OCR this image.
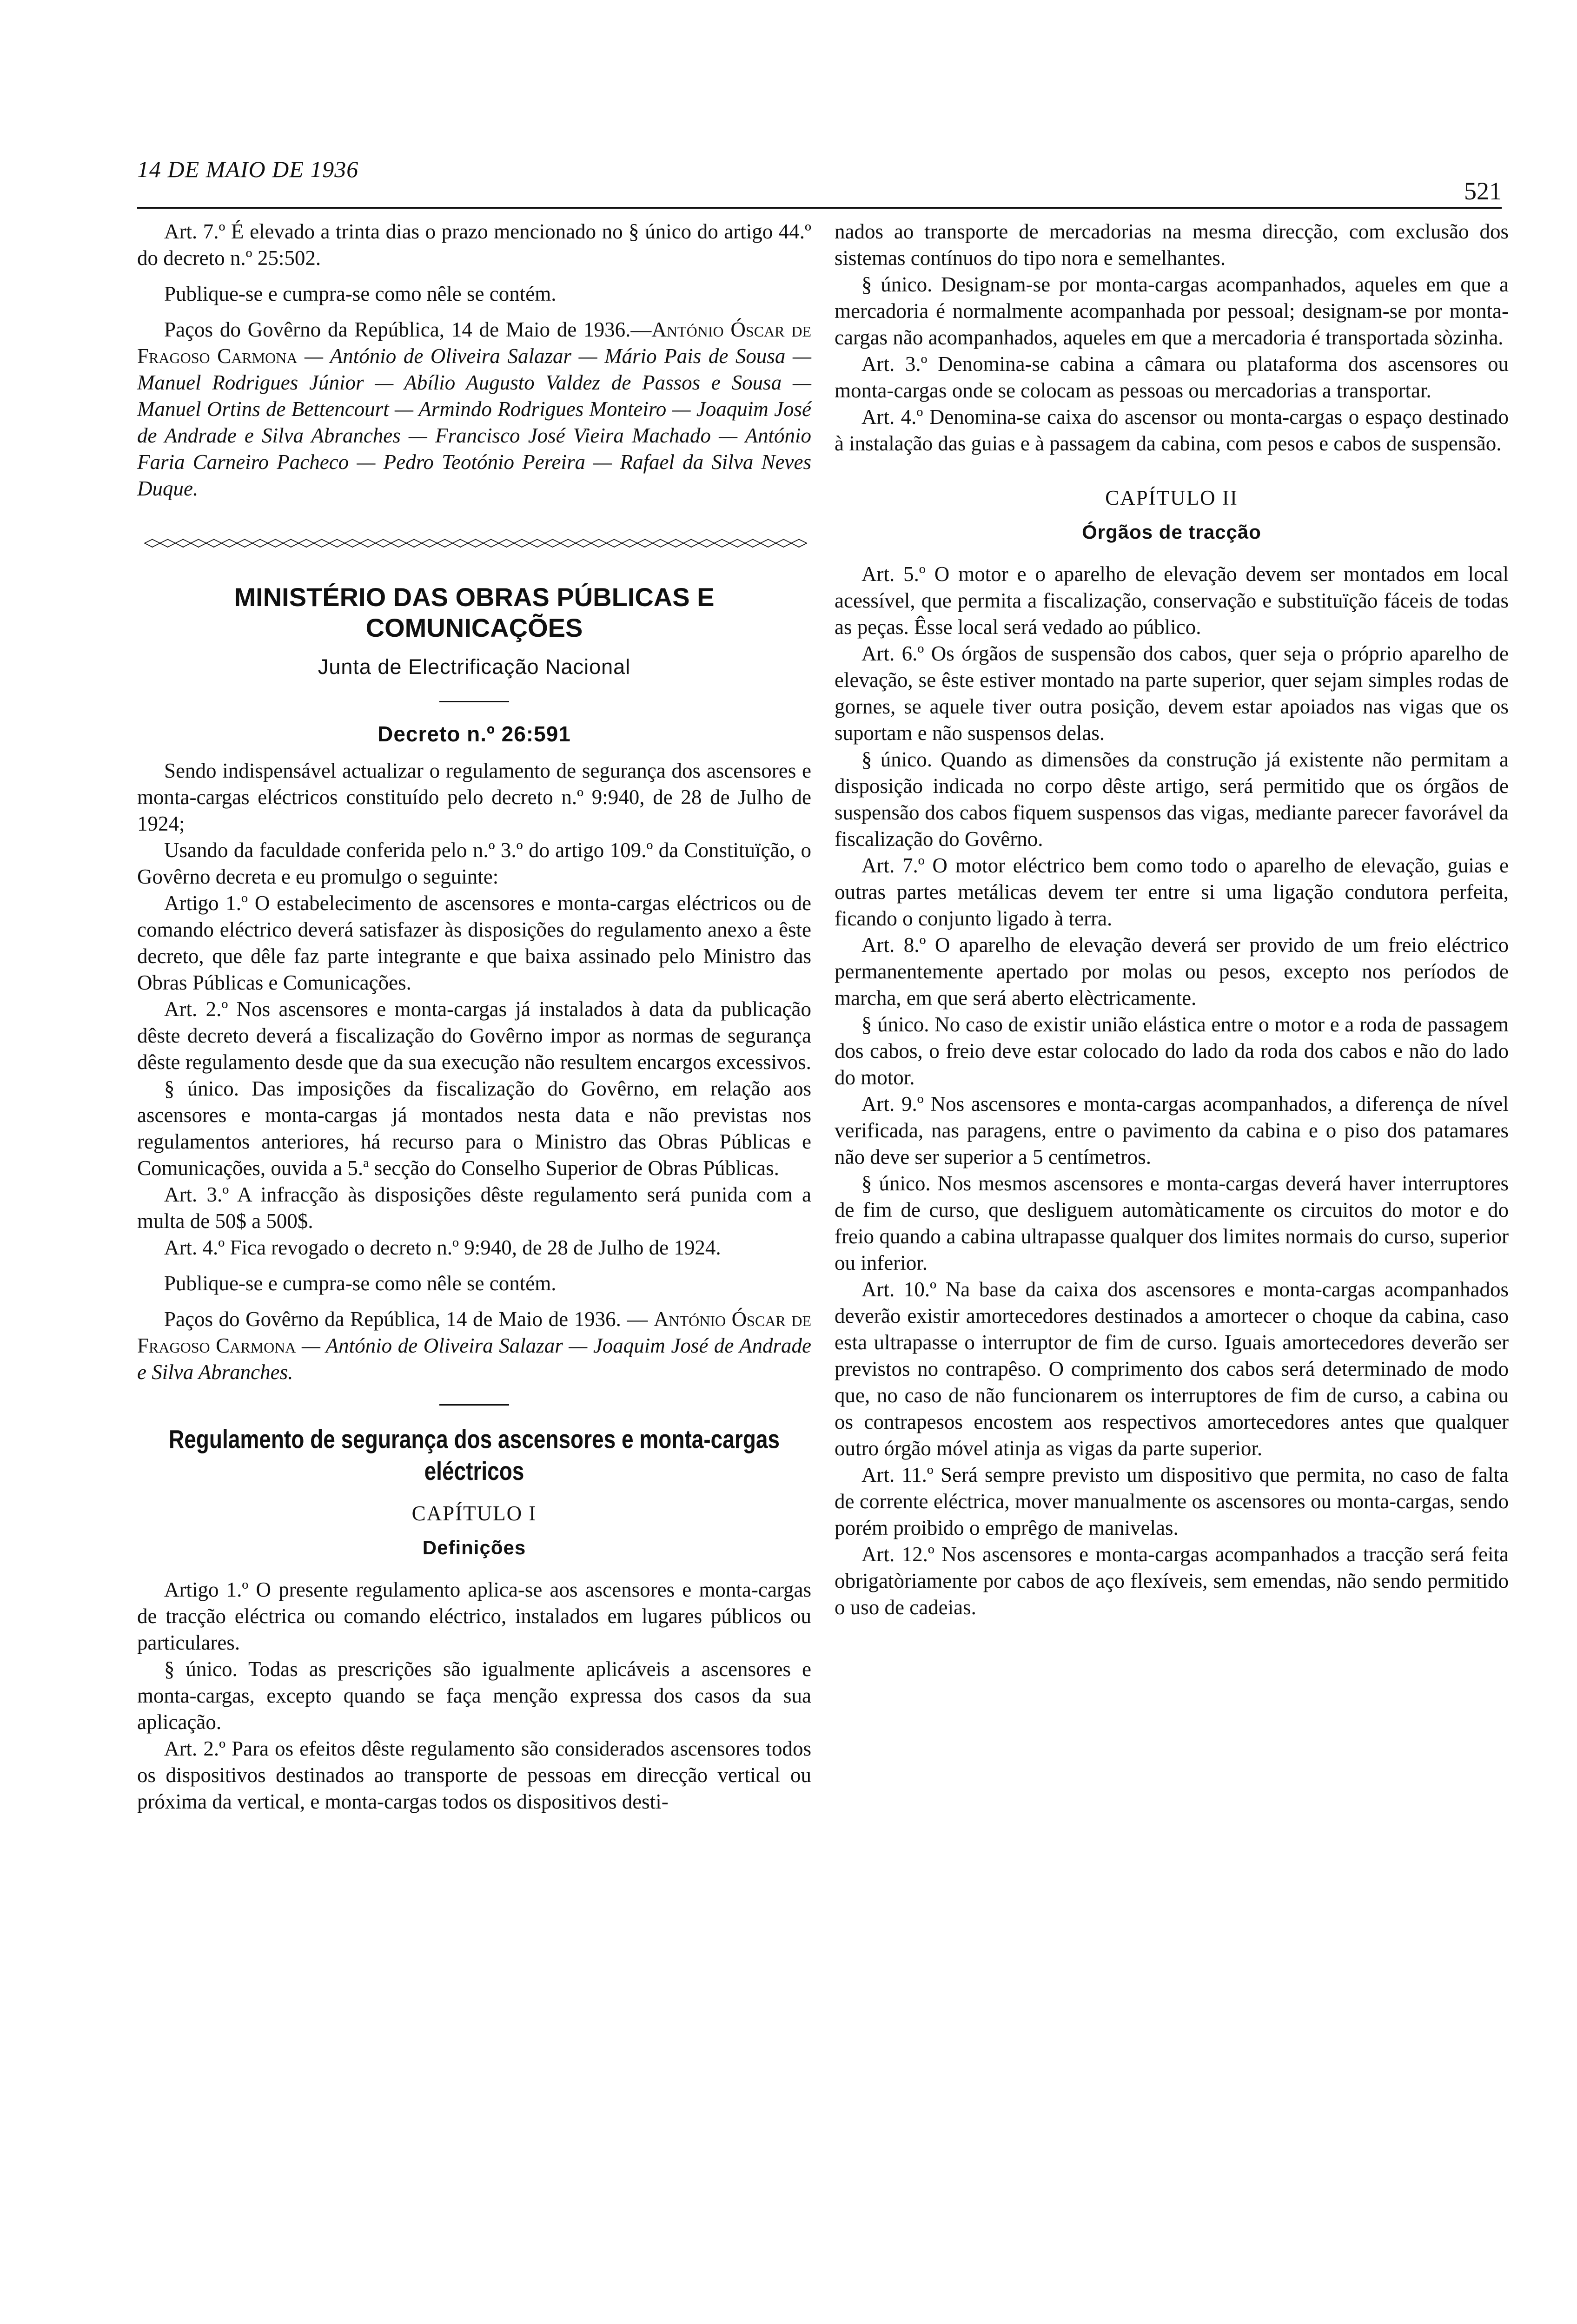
14 DE MAIO DE 1936
521

Art. 7.º É elevado a trinta dias o prazo mencionado no § único do artigo 44.º do decreto n.º 25:502.

Publique-se e cumpra-se como nêle se contém.

Paços do Govêrno da República, 14 de Maio de 1936.—António Óscar de Fragoso Carmona — António de Oliveira Salazar — Mário Pais de Sousa — Manuel Rodrigues Júnior — Abílio Augusto Valdez de Passos e Sousa — Manuel Ortins de Bettencourt — Armindo Rodrigues Monteiro — Joaquim José de Andrade e Silva Abranches — Francisco José Vieira Machado — António Faria Carneiro Pacheco — Pedro Teotónio Pereira — Rafael da Silva Neves Duque.

<><><><><><><><><><><><><><><><><><><><><><><><><><><><><><><><><><><><><><><><><><><>
MINISTÉRIO DAS OBRAS PÚBLICAS E COMUNICAÇÕES
Junta de Electrificação Nacional
Decreto n.º 26:591

Sendo indispensável actualizar o regulamento de segurança dos ascensores e monta-cargas eléctricos constituído pelo decreto n.º 9:940, de 28 de Julho de 1924;

Usando da faculdade conferida pelo n.º 3.º do artigo 109.º da Constituïção, o Govêrno decreta e eu promulgo o seguinte:

Artigo 1.º O estabelecimento de ascensores e monta-cargas eléctricos ou de comando eléctrico deverá satisfazer às disposições do regulamento anexo a êste decreto, que dêle faz parte integrante e que baixa assinado pelo Ministro das Obras Públicas e Comunicações.

Art. 2.º Nos ascensores e monta-cargas já instalados à data da publicação dêste decreto deverá a fiscalização do Govêrno impor as normas de segurança dêste regulamento desde que da sua execução não resultem encargos excessivos.

§ único. Das imposições da fiscalização do Govêrno, em relação aos ascensores e monta-cargas já montados nesta data e não previstas nos regulamentos anteriores, há recurso para o Ministro das Obras Públicas e Comunicações, ouvida a 5.ª secção do Conselho Superior de Obras Públicas.

Art. 3.º A infracção às disposições dêste regulamento será punida com a multa de 50$ a 500$.

Art. 4.º Fica revogado o decreto n.º 9:940, de 28 de Julho de 1924.

Publique-se e cumpra-se como nêle se contém.

Paços do Govêrno da República, 14 de Maio de 1936. — António Óscar de Fragoso Carmona — António de Oliveira Salazar — Joaquim José de Andrade e Silva Abranches.

Regulamento de segurança dos ascensores e monta-cargas eléctricos
CAPÍTULO I
Definições

Artigo 1.º O presente regulamento aplica-se aos ascensores e monta-cargas de tracção eléctrica ou comando eléctrico, instalados em lugares públicos ou particulares.

§ único. Todas as prescrições são igualmente aplicáveis a ascensores e monta-cargas, excepto quando se faça menção expressa dos casos da sua aplicação.

Art. 2.º Para os efeitos dêste regulamento são considerados ascensores todos os dispositivos destinados ao transporte de pessoas em direcção vertical ou próxima da vertical, e monta-cargas todos os dispositivos desti-

nados ao transporte de mercadorias na mesma direcção, com exclusão dos sistemas contínuos do tipo nora e semelhantes.

§ único. Designam-se por monta-cargas acompanhados, aqueles em que a mercadoria é normalmente acompanhada por pessoal; designam-se por monta-cargas não acompanhados, aqueles em que a mercadoria é transportada sòzinha.

Art. 3.º Denomina-se cabina a câmara ou plataforma dos ascensores ou monta-cargas onde se colocam as pessoas ou mercadorias a transportar.

Art. 4.º Denomina-se caixa do ascensor ou monta-cargas o espaço destinado à instalação das guias e à passagem da cabina, com pesos e cabos de suspensão.

CAPÍTULO II
Órgãos de tracção

Art. 5.º O motor e o aparelho de elevação devem ser montados em local acessível, que permita a fiscalização, conservação e substituïção fáceis de todas as peças. Êsse local será vedado ao público.

Art. 6.º Os órgãos de suspensão dos cabos, quer seja o próprio aparelho de elevação, se êste estiver montado na parte superior, quer sejam simples rodas de gornes, se aquele tiver outra posição, devem estar apoiados nas vigas que os suportam e não suspensos delas.

§ único. Quando as dimensões da construção já existente não permitam a disposição indicada no corpo dêste artigo, será permitido que os órgãos de suspensão dos cabos fiquem suspensos das vigas, mediante parecer favorável da fiscalização do Govêrno.

Art. 7.º O motor eléctrico bem como todo o aparelho de elevação, guias e outras partes metálicas devem ter entre si uma ligação condutora perfeita, ficando o conjunto ligado à terra.

Art. 8.º O aparelho de elevação deverá ser provido de um freio eléctrico permanentemente apertado por molas ou pesos, excepto nos períodos de marcha, em que será aberto elèctricamente.

§ único. No caso de existir união elástica entre o motor e a roda de passagem dos cabos, o freio deve estar colocado do lado da roda dos cabos e não do lado do motor.

Art. 9.º Nos ascensores e monta-cargas acompanhados, a diferença de nível verificada, nas paragens, entre o pavimento da cabina e o piso dos patamares não deve ser superior a 5 centímetros.

§ único. Nos mesmos ascensores e monta-cargas deverá haver interruptores de fim de curso, que desliguem automàticamente os circuitos do motor e do freio quando a cabina ultrapasse qualquer dos limites normais do curso, superior ou inferior.

Art. 10.º Na base da caixa dos ascensores e monta-cargas acompanhados deverão existir amortecedores destinados a amortecer o choque da cabina, caso esta ultrapasse o interruptor de fim de curso. Iguais amortecedores deverão ser previstos no contrapêso. O comprimento dos cabos será determinado de modo que, no caso de não funcionarem os interruptores de fim de curso, a cabina ou os contrapesos encostem aos respectivos amortecedores antes que qualquer outro órgão móvel atinja as vigas da parte superior.

Art. 11.º Será sempre previsto um dispositivo que permita, no caso de falta de corrente eléctrica, mover manualmente os ascensores ou monta-cargas, sendo porém proibido o emprêgo de manivelas.

Art. 12.º Nos ascensores e monta-cargas acompanhados a tracção será feita obrigatòriamente por cabos de aço flexíveis, sem emendas, não sendo permitido o uso de cadeias.
